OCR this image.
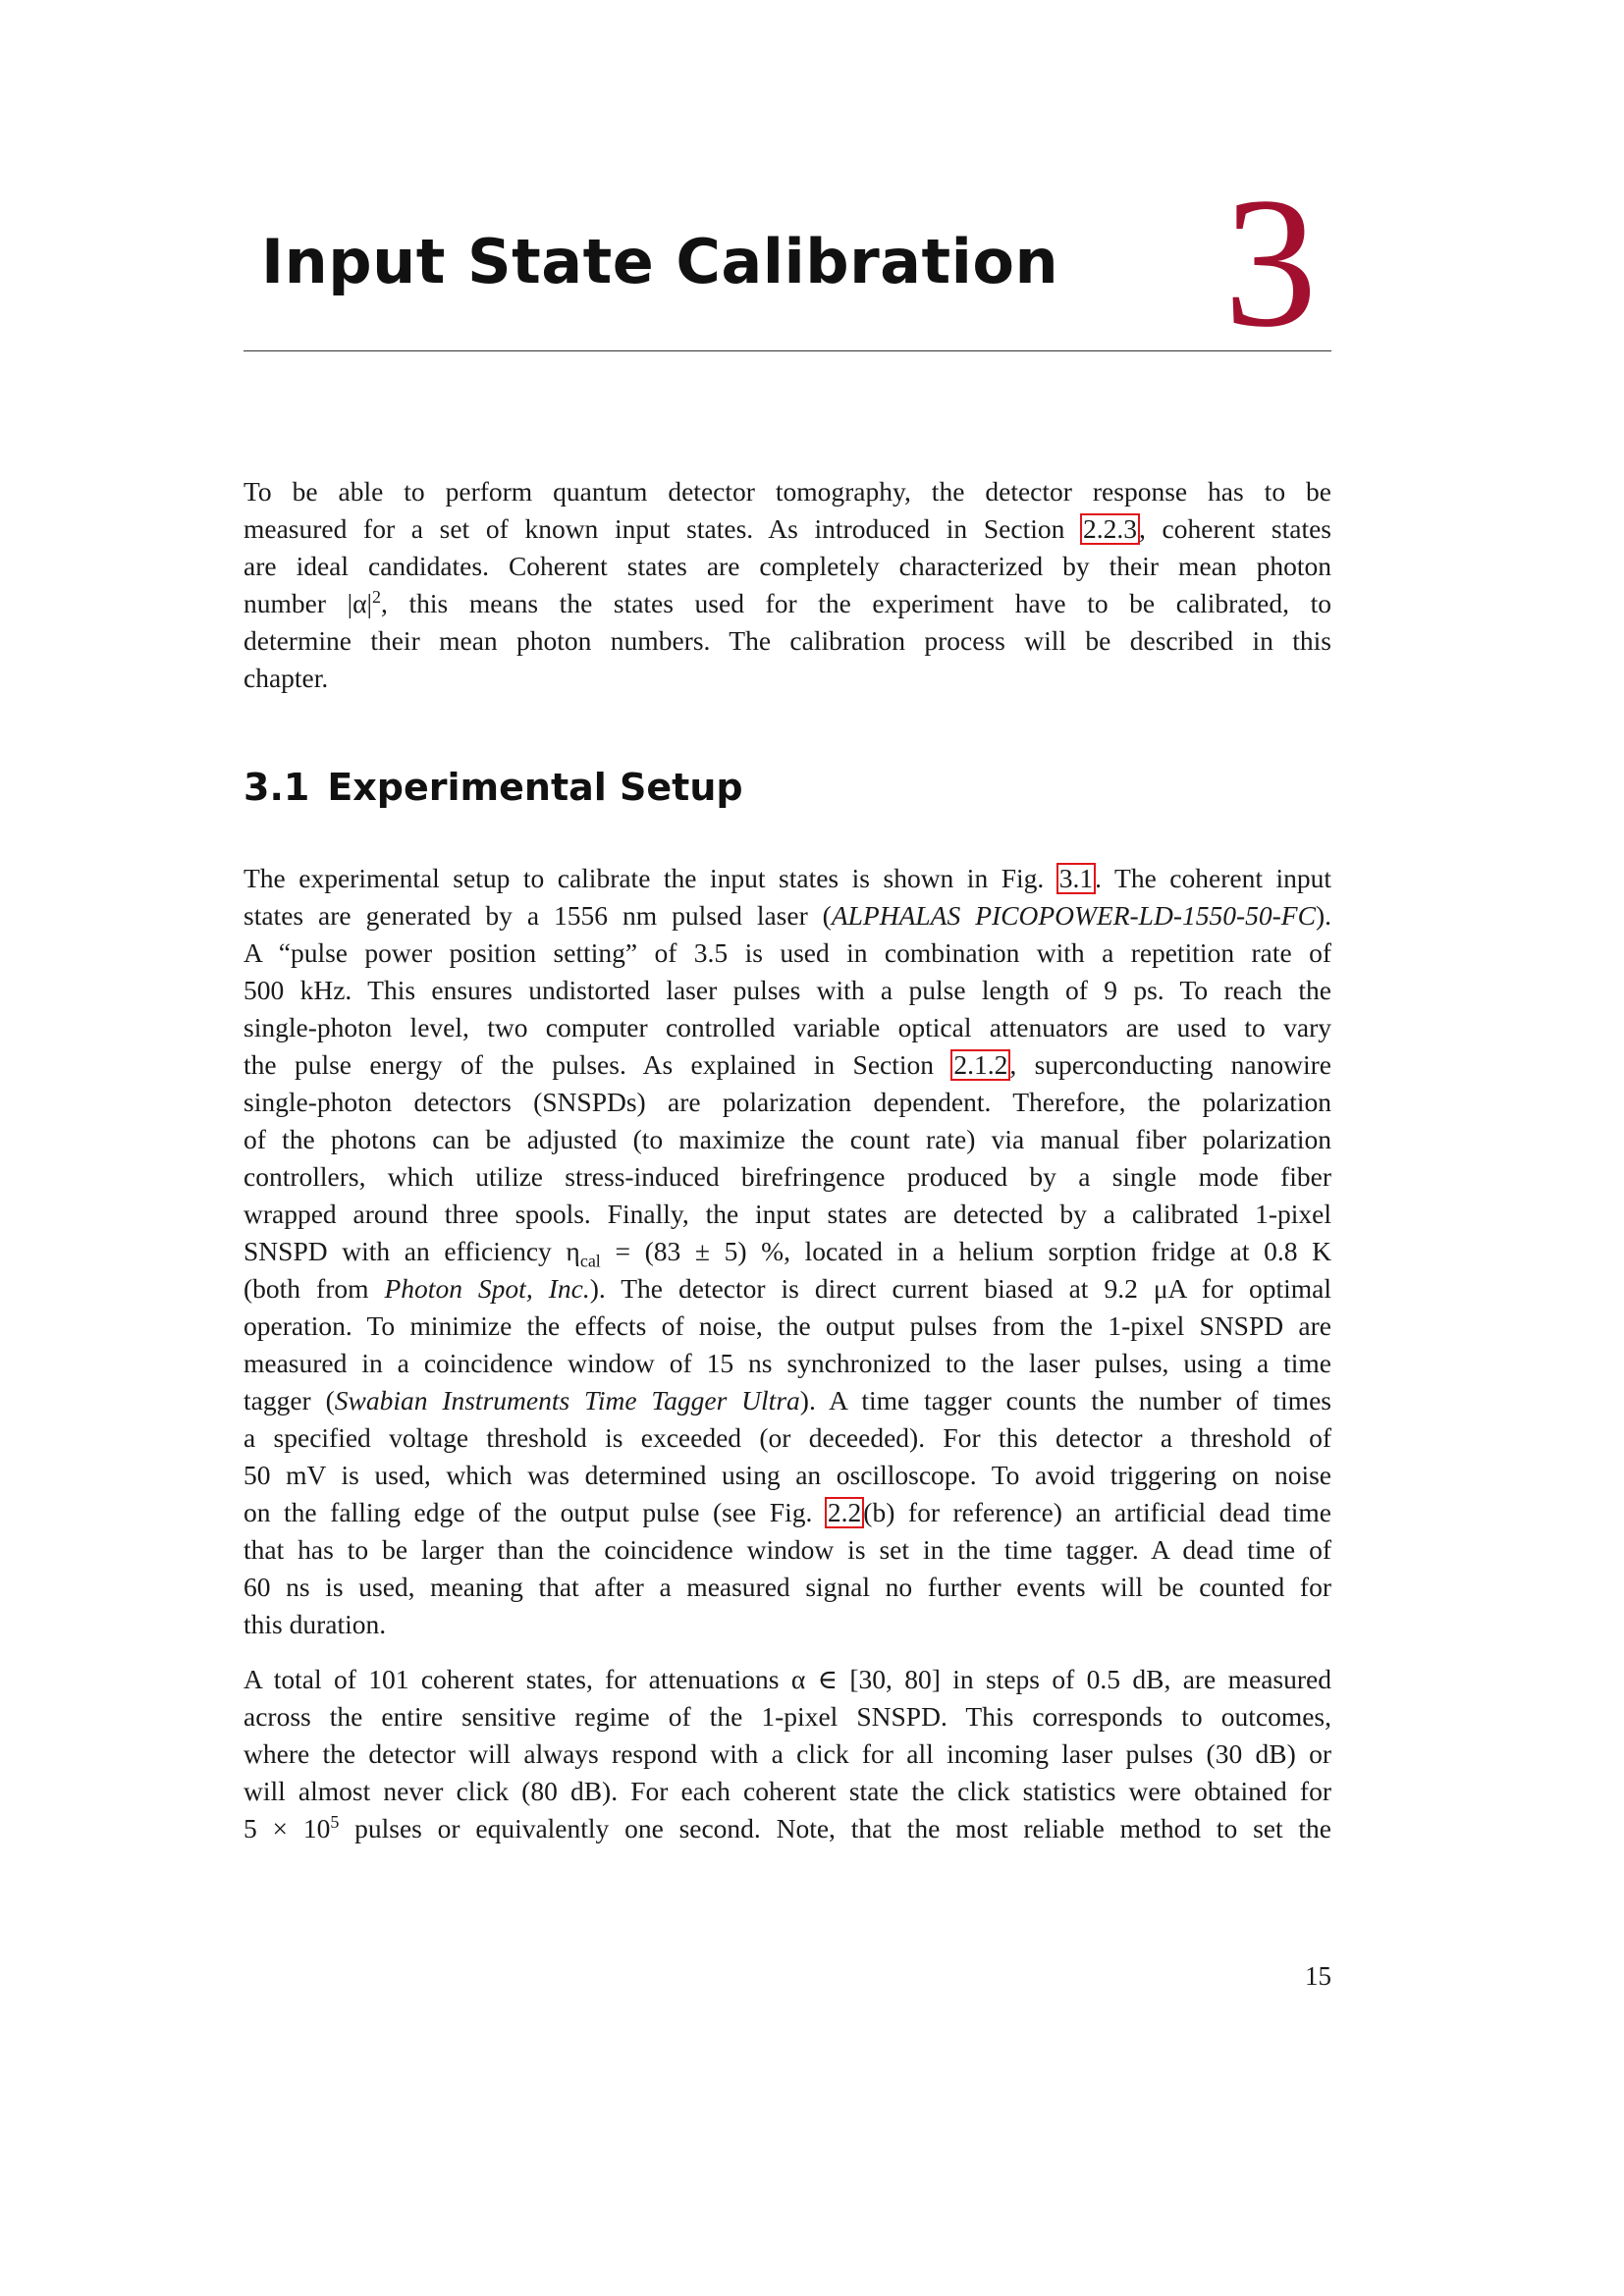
Input State Calibration 3
To be able to perform quantum detector tomography, the detector response has to be
measured for a set of known input states. As introduced in Section 2.2.3, coherent states
are ideal candidates. Coherent states are completely characterized by their mean photon
number $|\alpha|^2$, this means the states used for the experiment have to be calibrated, to
determine their mean photon numbers. The calibration process will be described in this
chapter.
3.1 Experimental Setup
The experimental setup to calibrate the input states is shown in Fig. 3.1. The coherent input
states are generated by a 1556 nm pulsed laser (ALPHALAS PICOPOWER-LD-1550-50-FC).
A “pulse power position setting” of 3.5 is used in combination with a repetition rate of
500 kHz. This ensures undistorted laser pulses with a pulse length of 9 ps. To reach the
single-photon level, two computer controlled variable optical attenuators are used to vary
the pulse energy of the pulses. As explained in Section 2.1.2, superconducting nanowire
single-photon detectors (SNSPDs) are polarization dependent. Therefore, the polarization
of the photons can be adjusted (to maximize the count rate) via manual fiber polarization
controllers, which utilize stress-induced birefringence produced by a single mode fiber
wrapped around three spools. Finally, the input states are detected by a calibrated 1-pixel
SNSPD with an efficiency $\eta_{cal} = (83 \pm 5)$ %, located in a helium sorption fridge at 0.8 K
(both from Photon Spot, Inc.). The detector is direct current biased at 9.2 μA for optimal
operation. To minimize the effects of noise, the output pulses from the 1-pixel SNSPD are
measured in a coincidence window of 15 ns synchronized to the laser pulses, using a time
tagger (Swabian Instruments Time Tagger Ultra). A time tagger counts the number of times
a specified voltage threshold is exceeded (or deceeded). For this detector a threshold of
50 mV is used, which was determined using an oscilloscope. To avoid triggering on noise
on the falling edge of the output pulse (see Fig. 2.2(b) for reference) an artificial dead time
that has to be larger than the coincidence window is set in the time tagger. A dead time of
60 ns is used, meaning that after a measured signal no further events will be counted for
this duration.
A total of 101 coherent states, for attenuations α ∈ [30, 80] in steps of 0.5 dB, are measured
across the entire sensitive regime of the 1-pixel SNSPD. This corresponds to outcomes,
where the detector will always respond with a click for all incoming laser pulses (30 dB) or
will almost never click (80 dB). For each coherent state the click statistics were obtained for
$5 \times 10^5$ pulses or equivalently one second. Note, that the most reliable method to set the
15
